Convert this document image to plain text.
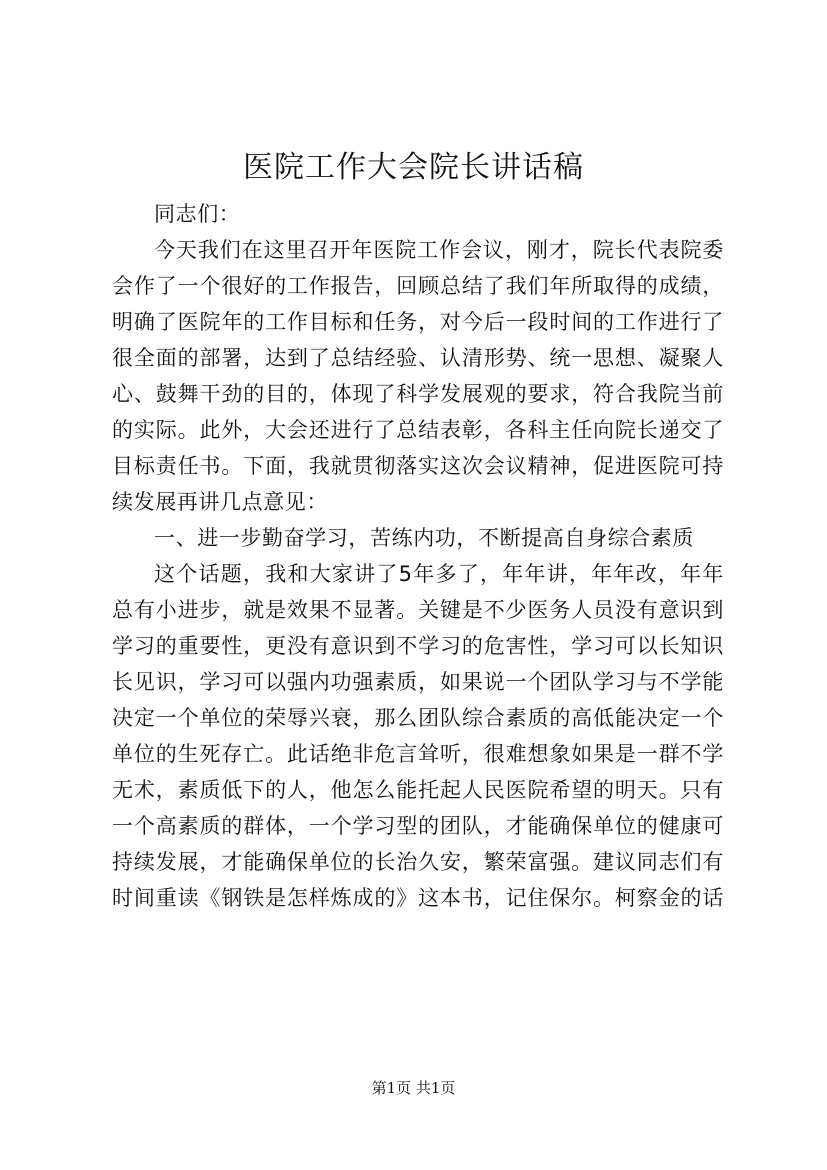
医院工作大会院长讲话稿
同志们：
今天我们在这里召开年医院工作会议，刚才，院长代表院委
会作了一个很好的工作报告，回顾总结了我们年所取得的成绩，
明确了医院年的工作目标和任务，对今后一段时间的工作进行了
很全面的部署，达到了总结经验、认清形势、统一思想、凝聚人
心、鼓舞干劲的目的，体现了科学发展观的要求，符合我院当前
的实际。此外，大会还进行了总结表彰，各科主任向院长递交了
目标责任书。下面，我就贯彻落实这次会议精神，促进医院可持
续发展再讲几点意见：
一、进一步勤奋学习，苦练内功，不断提高自身综合素质
这个话题，我和大家讲了5年多了，年年讲，年年改，年年
总有小进步，就是效果不显著。关键是不少医务人员没有意识到
学习的重要性，更没有意识到不学习的危害性，学习可以长知识
长见识，学习可以强内功强素质，如果说一个团队学习与不学能
决定一个单位的荣辱兴衰，那么团队综合素质的高低能决定一个
单位的生死存亡。此话绝非危言耸听，很难想象如果是一群不学
无术，素质低下的人，他怎么能托起人民医院希望的明天。只有
一个高素质的群体，一个学习型的团队，才能确保单位的健康可
持续发展，才能确保单位的长治久安，繁荣富强。建议同志们有
时间重读《钢铁是怎样炼成的》这本书，记住保尔。柯察金的话
第1页 共1页
